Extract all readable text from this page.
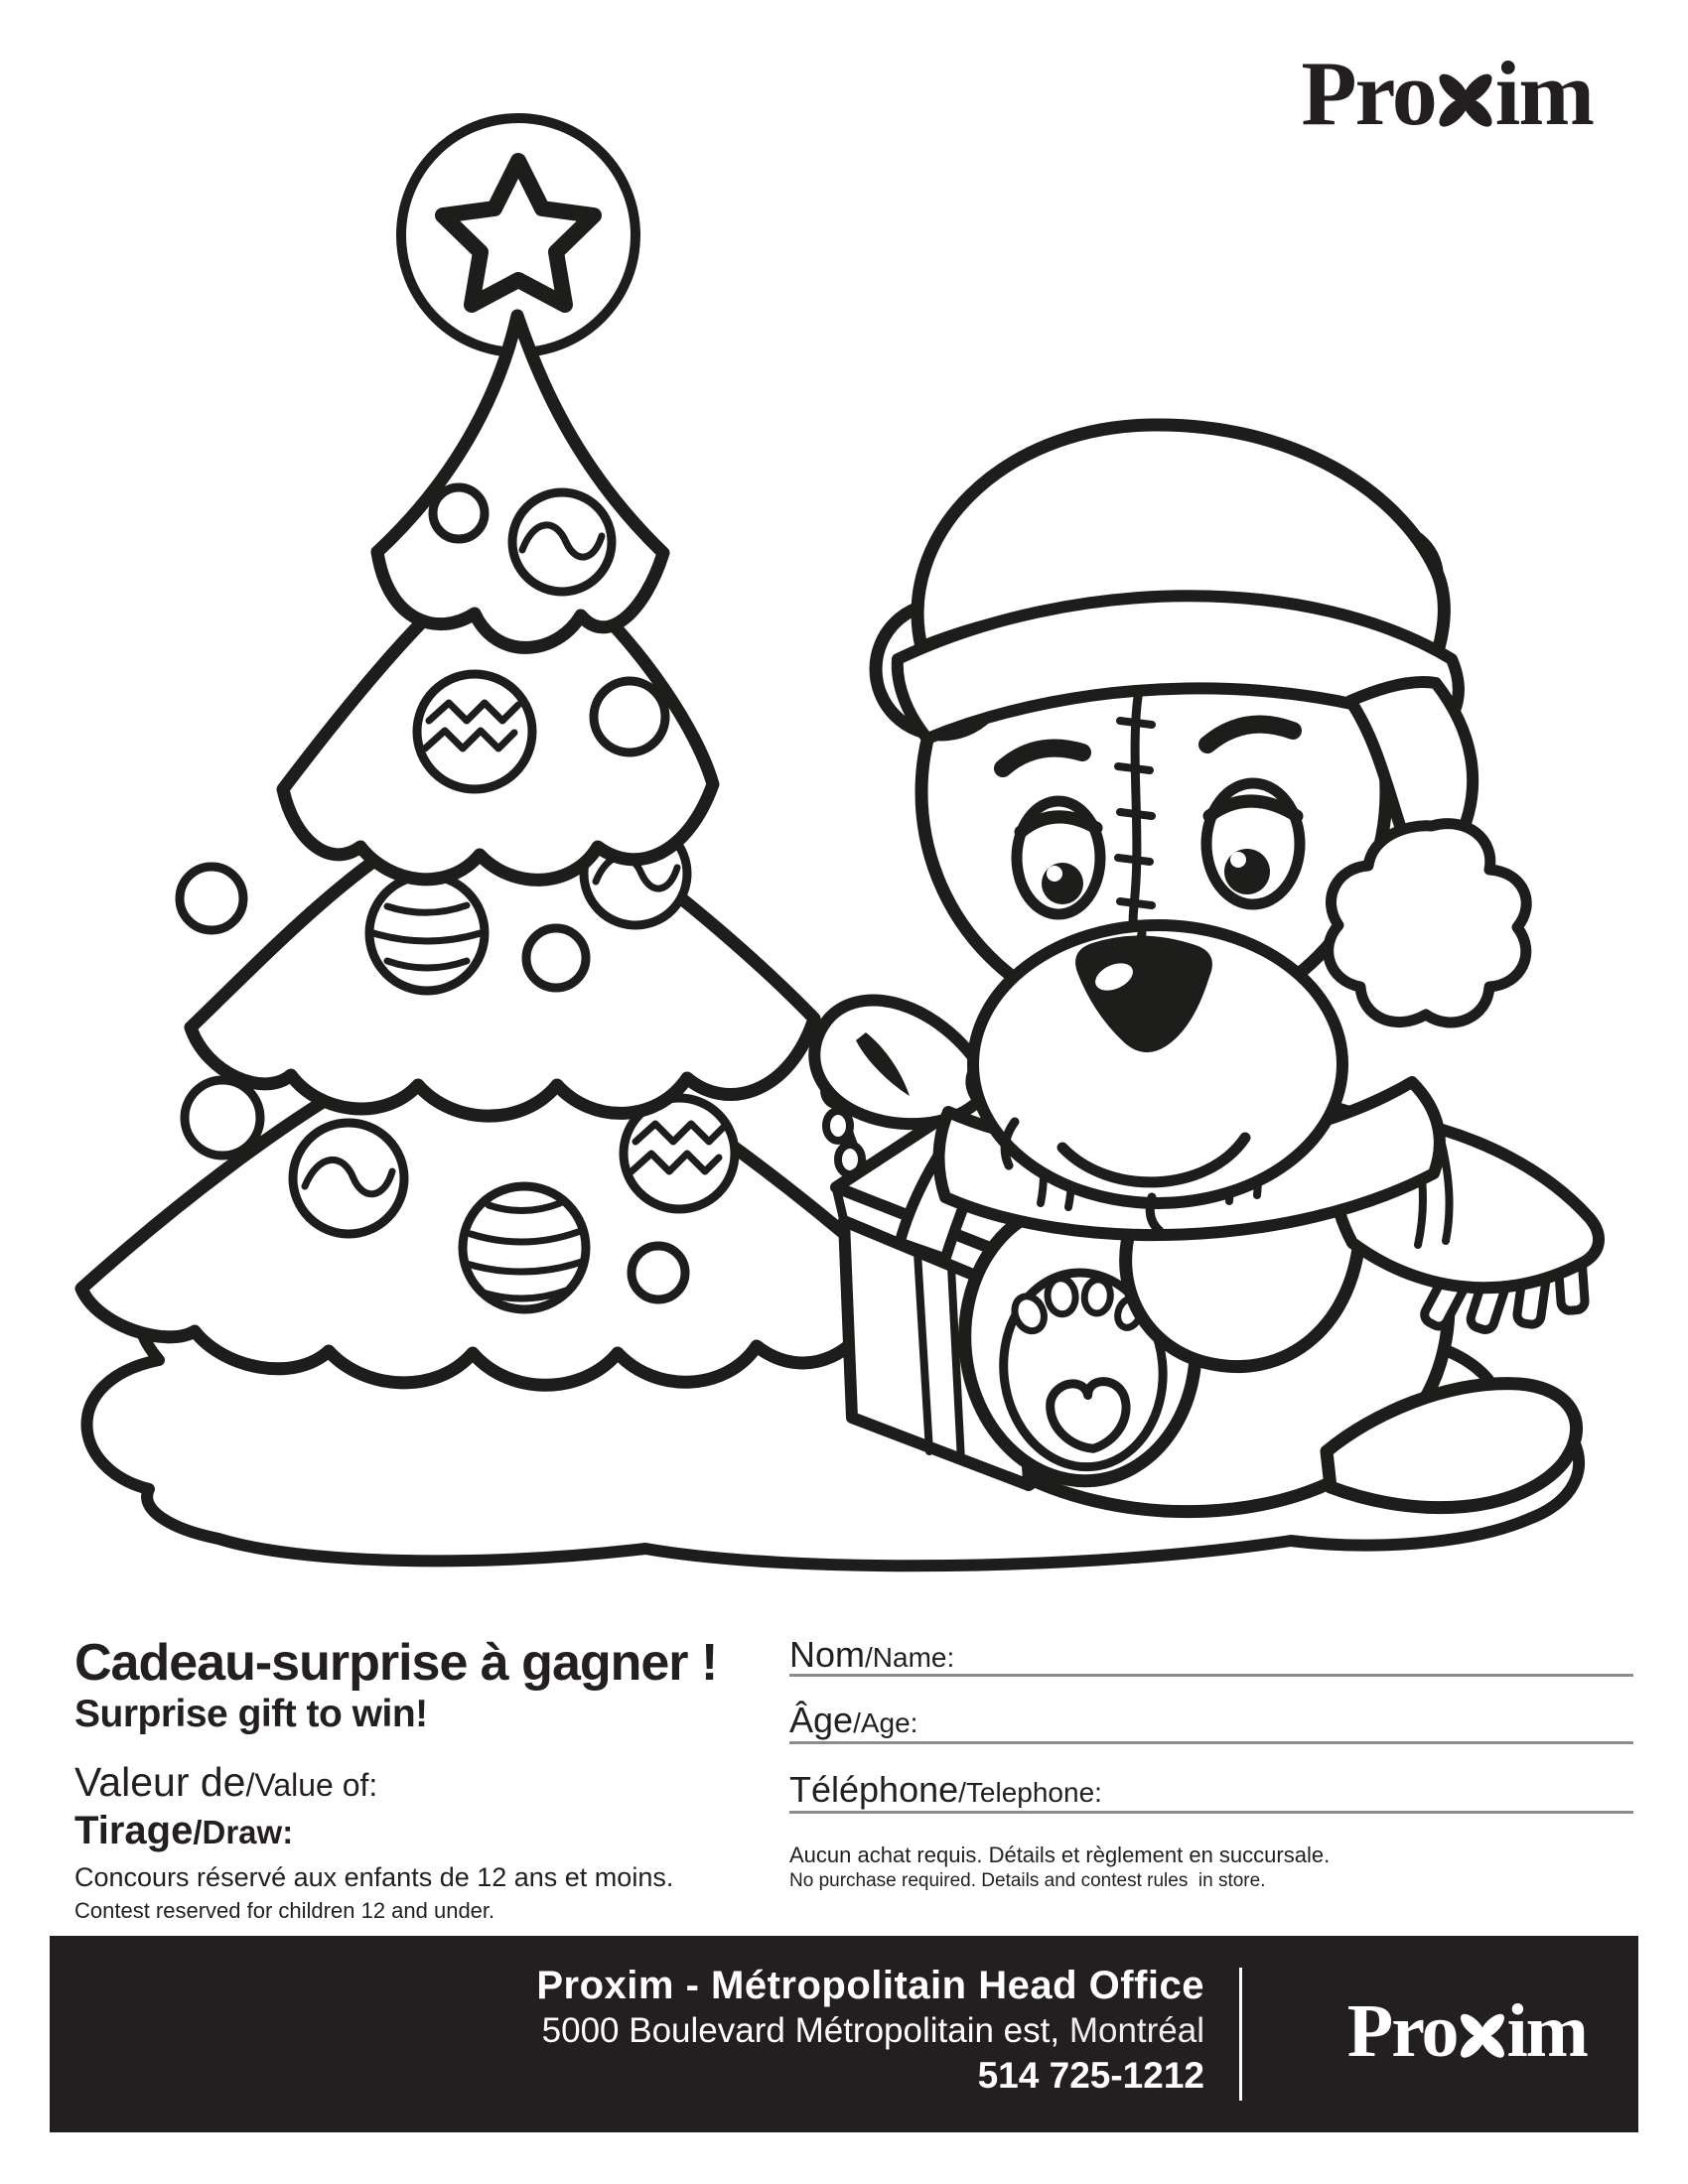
Pro im
Cadeau-surprise à gagner !
Surprise gift to win!
Valeur de/Value of:
Tirage/Draw:
Concours réservé aux enfants de 12 ans et moins.
Contest reserved for children 12 and under.
Nom/Name:
Âge/Age:
Téléphone/Telephone:
Aucun achat requis. Détails et règlement en succursale.
No purchase required. Details and contest rules  in store.
Proxim - Métropolitain Head Office
5000 Boulevard Métropolitain est, Montréal
514 725-1212
Pro im
